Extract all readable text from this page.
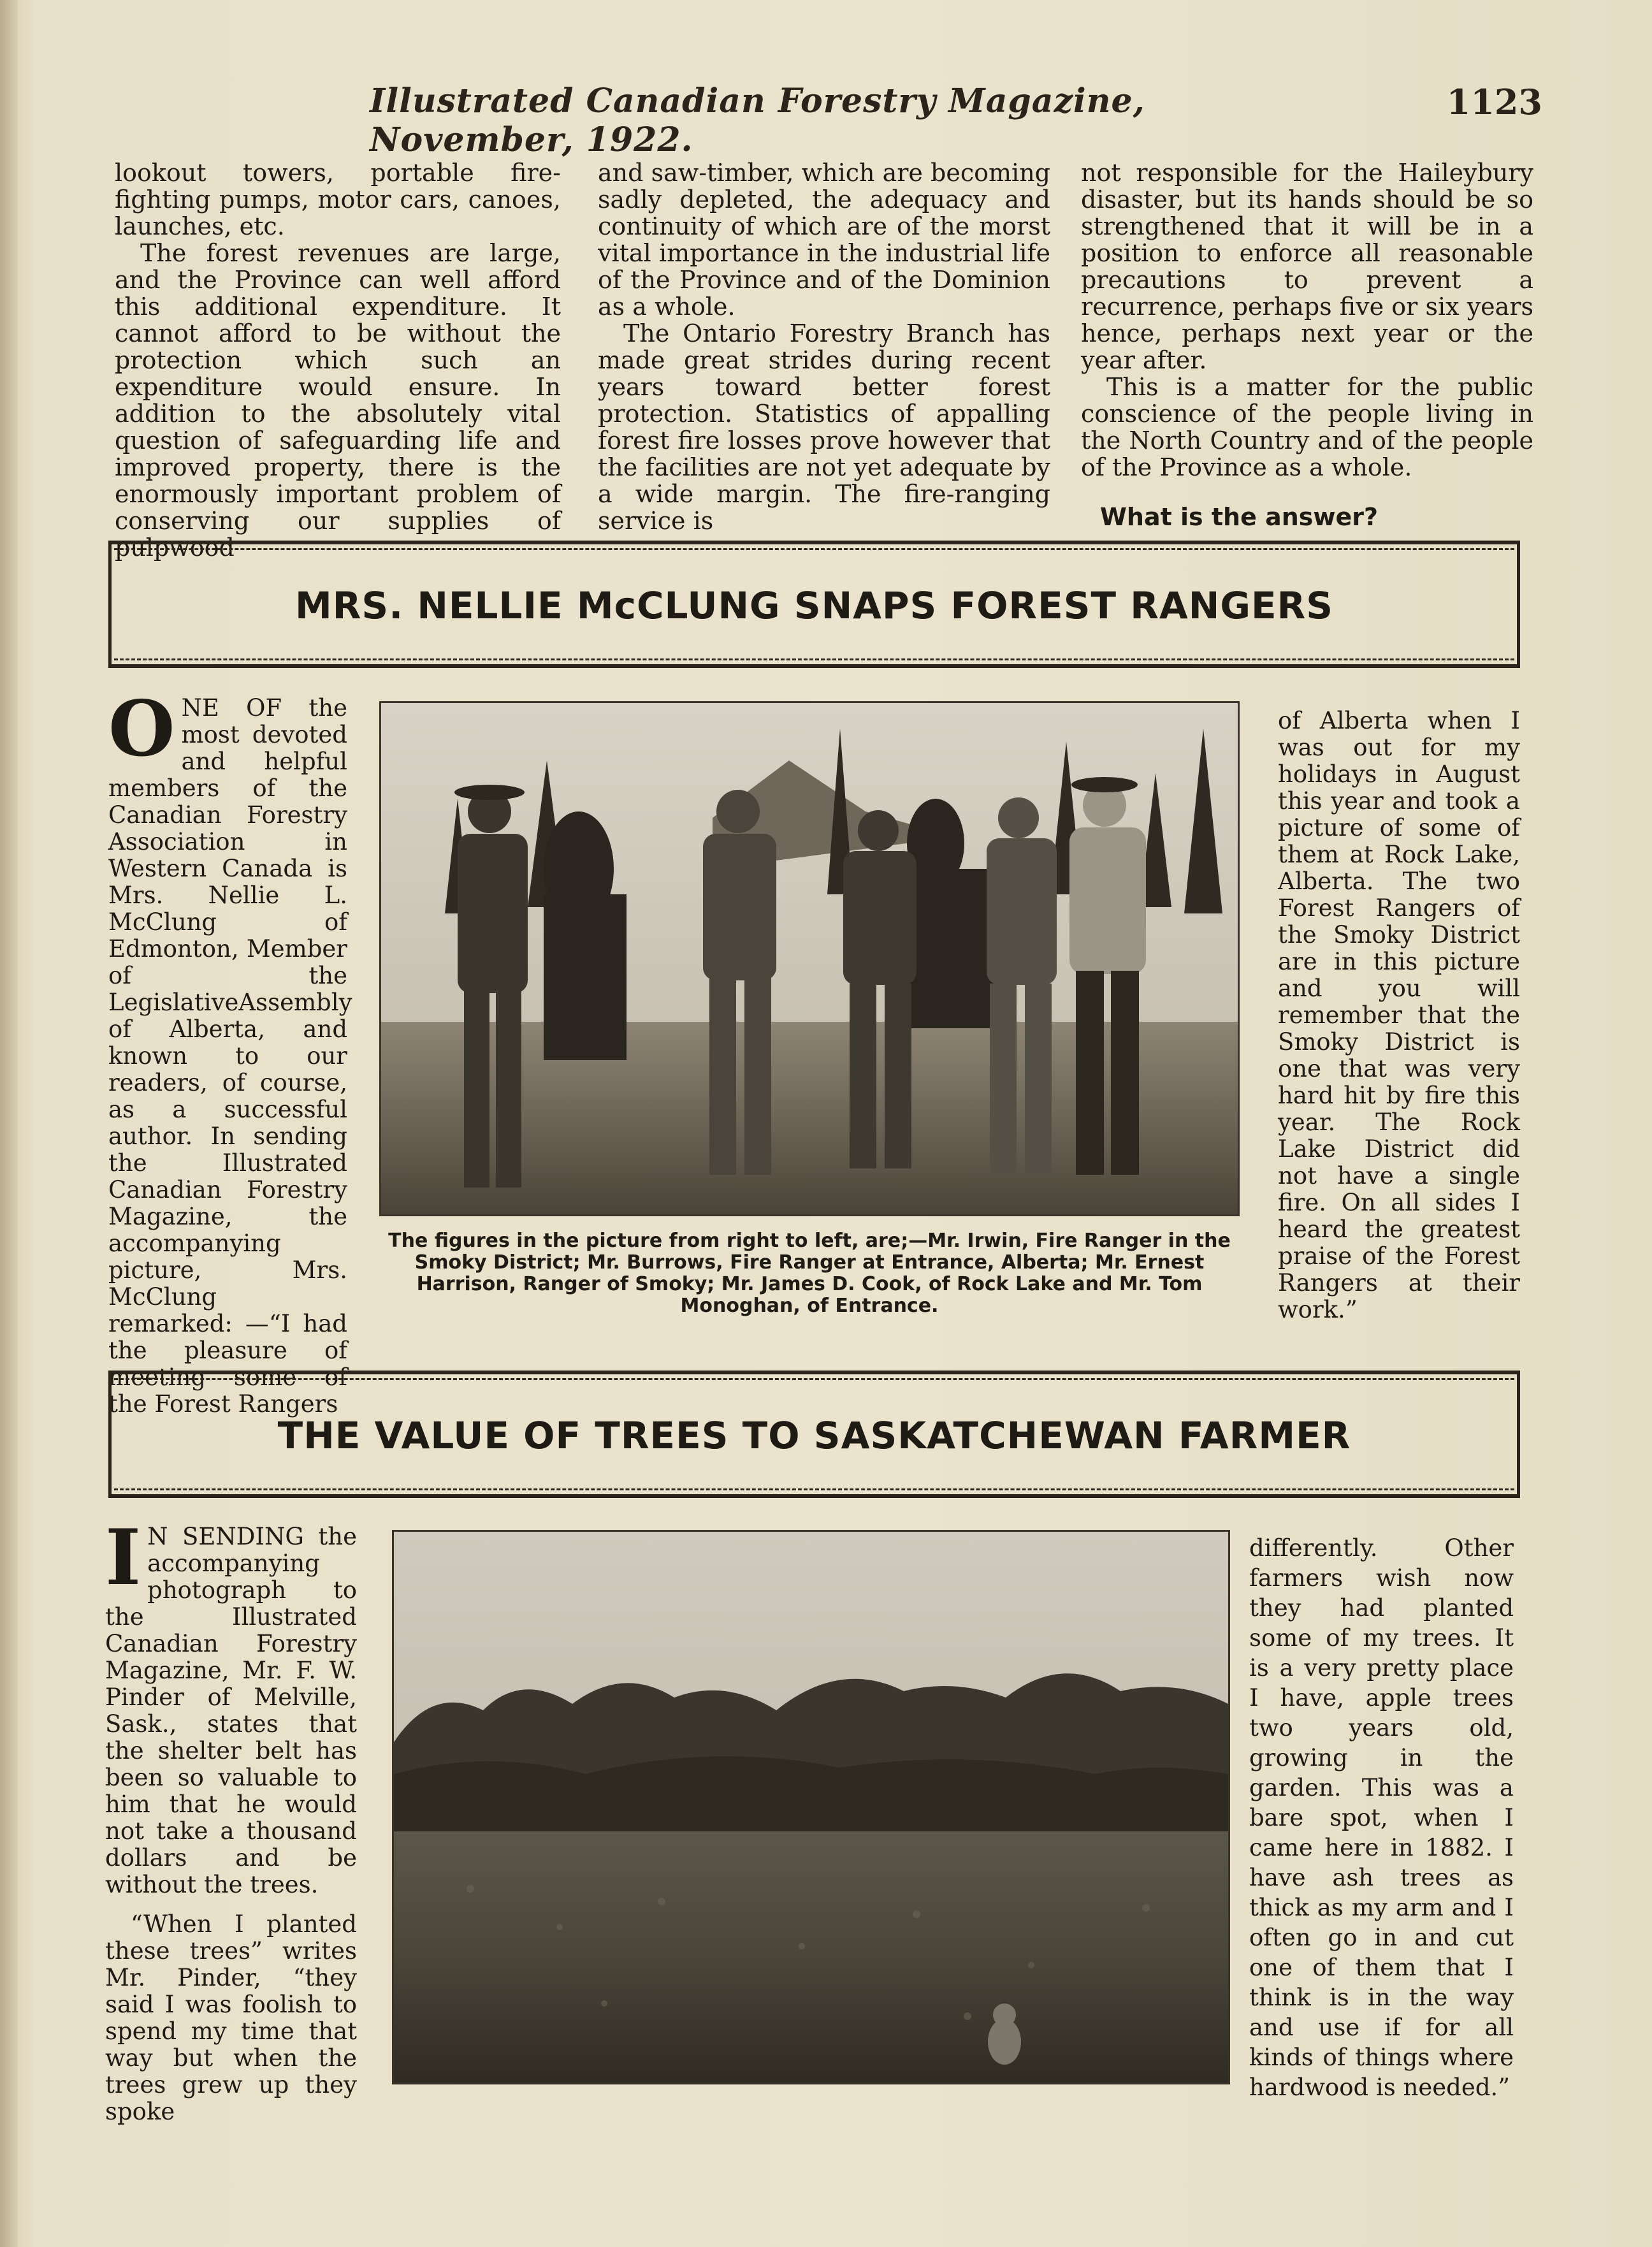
Illustrated Canadian Forestry Magazine, November, 1922.
1123

lookout towers, portable fire-fighting pumps, motor cars, canoes, launches, etc.

The forest revenues are large, and the Province can well afford this additional expenditure. It cannot afford to be without the protection which such an expenditure would ensure. In addition to the absolutely vital question of safeguarding life and improved property, there is the enormously important problem of conserving our supplies of pulpwood

and saw-timber, which are becoming sadly depleted, the adequacy and continuity of which are of the morst vital importance in the industrial life of the Province and of the Dominion as a whole.

The Ontario Forestry Branch has made great strides during recent years toward better forest protection. Statistics of appalling forest fire losses prove however that the facilities are not yet adequate by a wide margin. The fire-ranging service is

not responsible for the Haileybury disaster, but its hands should be so strengthened that it will be in a position to enforce all reasonable precautions to prevent a recurrence, perhaps five or six years hence, perhaps next year or the year after.

This is a matter for the public conscience of the people living in the North Country and of the people of the Province as a whole.

What is the answer?

MRS. NELLIE McCLUNG SNAPS FOREST RANGERS
ONE OF the most devoted and helpful members of the Canadian Forestry Association in Western Canada is Mrs. Nellie L. McClung of Edmonton, Member of the LegislativeAssembly of Alberta, and known to our readers, of course, as a successful author. In sending the Illustrated Canadian Forestry Magazine, the accompanying picture, Mrs. McClung remarked: —“I had the pleasure of meeting some of the Forest Rangers
The figures in the picture from right to left, are;—Mr. Irwin, Fire Ranger in the Smoky District; Mr. Burrows, Fire Ranger at Entrance, Alberta; Mr. Ernest Harrison, Ranger of Smoky; Mr. James D. Cook, of Rock Lake and Mr. Tom Monoghan, of Entrance.
of Alberta when I was out for my holidays in August this year and took a picture of some of them at Rock Lake, Alberta. The two Forest Rangers of the Smoky District are in this picture and you will remember that the Smoky District is one that was very hard hit by fire this year. The Rock Lake District did not have a single fire. On all sides I heard the greatest praise of the Forest Rangers at their work.”
THE VALUE OF TREES TO SASKATCHEWAN FARMER
I N SENDING the accompanying photograph to the Illustrated Canadian Forestry Magazine, Mr. F. W. Pinder of Melville, Sask., states that the shelter belt has been so valuable to him that he would not take a thousand dollars and be without the trees.

“When I planted these trees” writes Mr. Pinder, “they said I was foolish to spend my time that way but when the trees grew up they spoke

differently. Other farmers wish now they had planted some of my trees. It is a very pretty place I have, apple trees two years old, growing in the garden. This was a bare spot, when I came here in 1882. I have ash trees as thick as my arm and I often go in and cut one of them that I think is in the way and use if for all kinds of things where hardwood is needed.”
